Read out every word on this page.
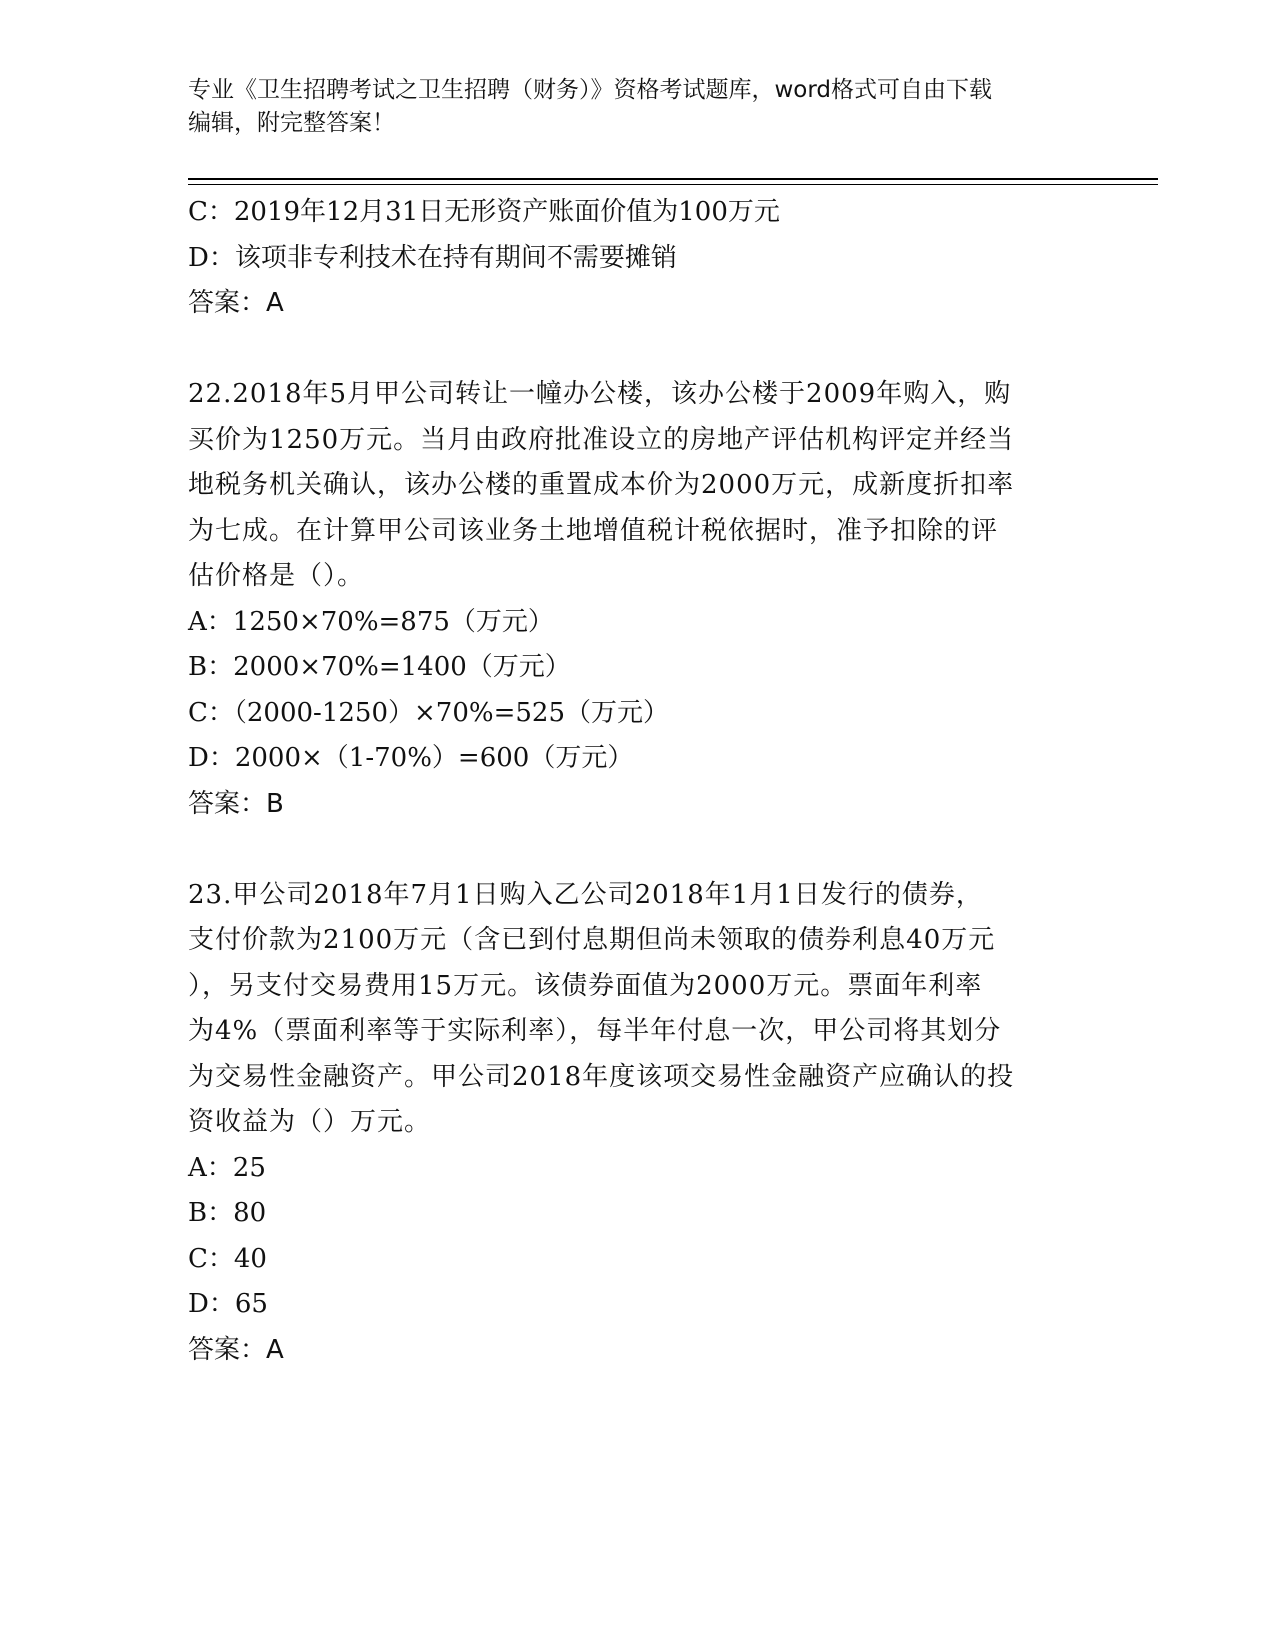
专业《卫生招聘考试之卫生招聘（财务）》资格考试题库，word格式可自由下载
编辑，附完整答案！
C：2019年12月31日无形资产账面价值为100万元
D：该项非专利技术在持有期间不需要摊销
答案：A
22.2018年5月甲公司转让一幢办公楼，该办公楼于2009年购入，购
买价为1250万元。当月由政府批准设立的房地产评估机构评定并经当
地税务机关确认，该办公楼的重置成本价为2000万元，成新度折扣率
为七成。在计算甲公司该业务土地增值税计税依据时，准予扣除的评
估价格是（）。
A：1250×70%=875（万元）
B：2000×70%=1400（万元）
C：（2000-1250）×70%=525（万元）
D：2000×（1-70%）=600（万元）
答案：B
23.甲公司2018年7月1日购入乙公司2018年1月1日发行的债券，
支付价款为2100万元（含已到付息期但尚未领取的债券利息40万元
），另支付交易费用15万元。该债券面值为2000万元。票面年利率
为4%（票面利率等于实际利率），每半年付息一次，甲公司将其划分
为交易性金融资产。甲公司2018年度该项交易性金融资产应确认的投
资收益为（）万元。
A：25
B：80
C：40
D：65
答案：A
